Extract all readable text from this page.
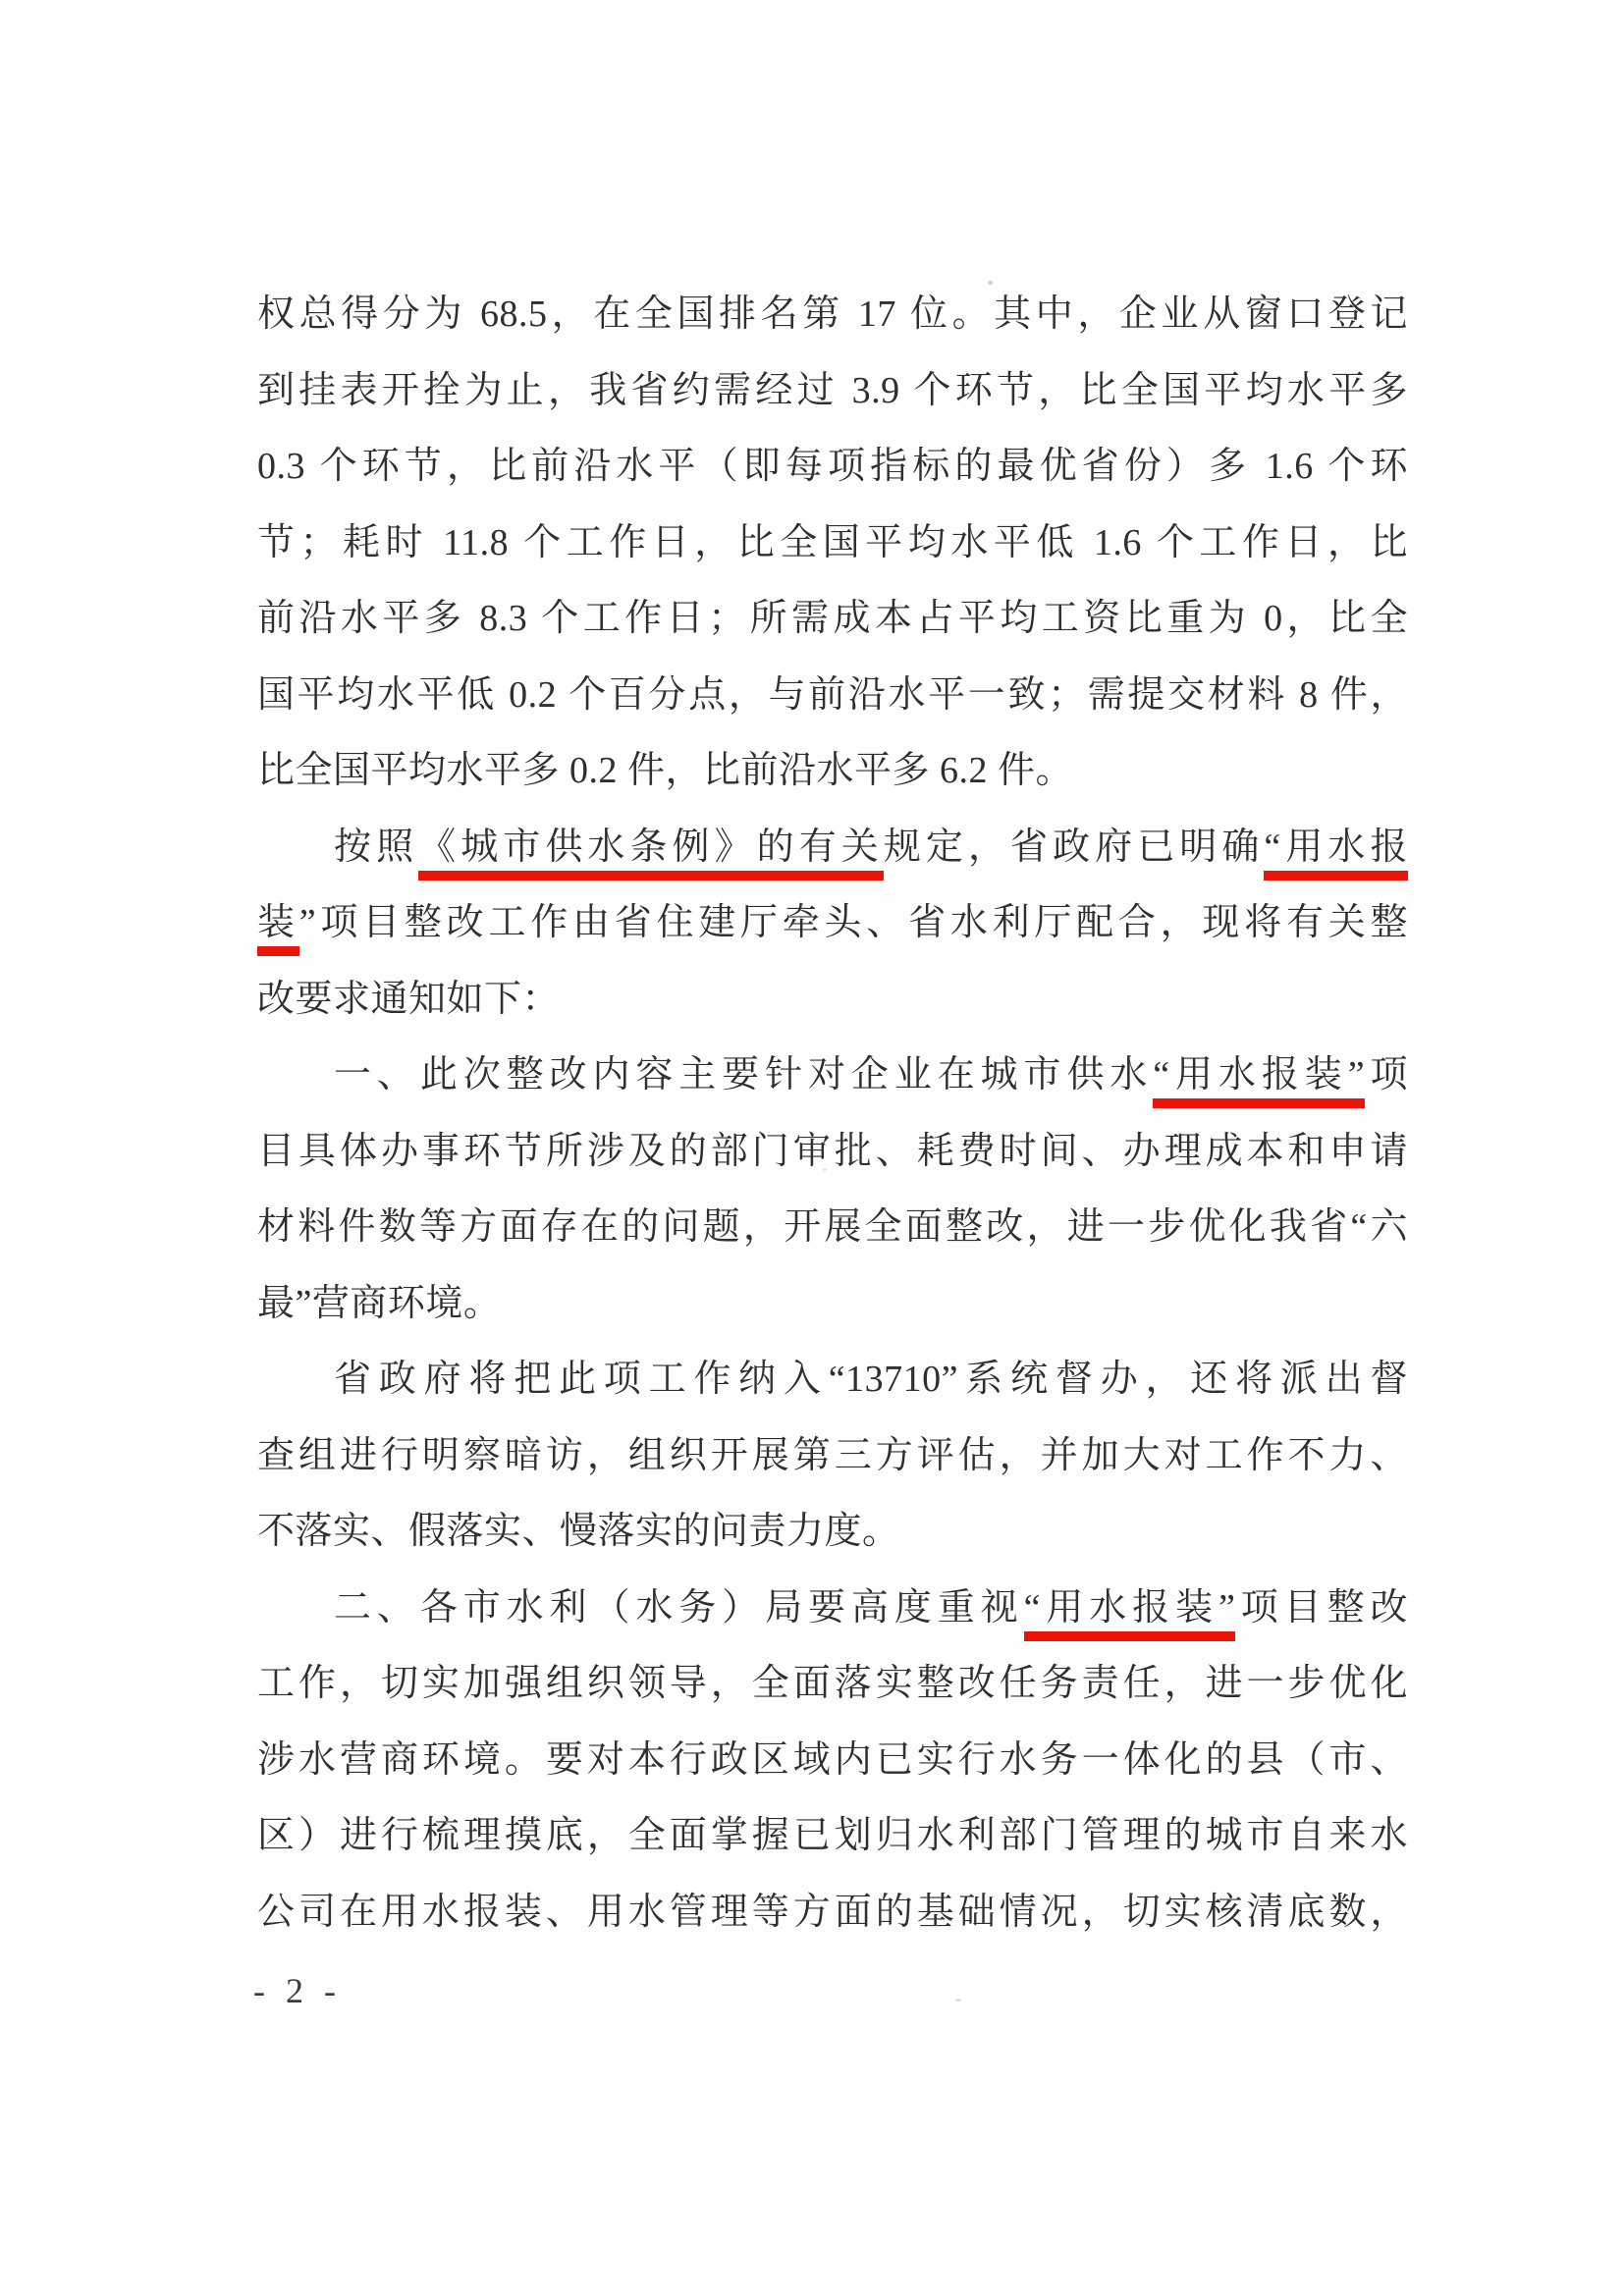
权总得分为 68.5，在全国排名第 17 位。其中，企业从窗口登记
到挂表开拴为止，我省约需经过 3.9 个环节，比全国平均水平多
0.3 个环节，比前沿水平（即每项指标的最优省份）多 1.6 个环
节；耗时 11.8 个工作日，比全国平均水平低 1.6 个工作日，比
前沿水平多 8.3 个工作日；所需成本占平均工资比重为 0，比全
国平均水平低 0.2 个百分点，与前沿水平一致；需提交材料 8 件，
比全国平均水平多 0.2 件，比前沿水平多 6.2 件。
按照《城市供水条例》的有关规定，省政府已明确“用水报
装”项目整改工作由省住建厅牵头、省水利厅配合，现将有关整
改要求通知如下：
一、此次整改内容主要针对企业在城市供水“用水报装”项
目具体办事环节所涉及的部门审批、耗费时间、办理成本和申请
材料件数等方面存在的问题，开展全面整改，进一步优化我省“六
最”营商环境。
省政府将把此项工作纳入“13710”系统督办，还将派出督
查组进行明察暗访，组织开展第三方评估，并加大对工作不力、
不落实、假落实、慢落实的问责力度。
二、各市水利（水务）局要高度重视“用水报装”项目整改
工作，切实加强组织领导，全面落实整改任务责任，进一步优化
涉水营商环境。要对本行政区域内已实行水务一体化的县（市、
区）进行梳理摸底，全面掌握已划归水利部门管理的城市自来水
公司在用水报装、用水管理等方面的基础情况，切实核清底数，
- 2 -
